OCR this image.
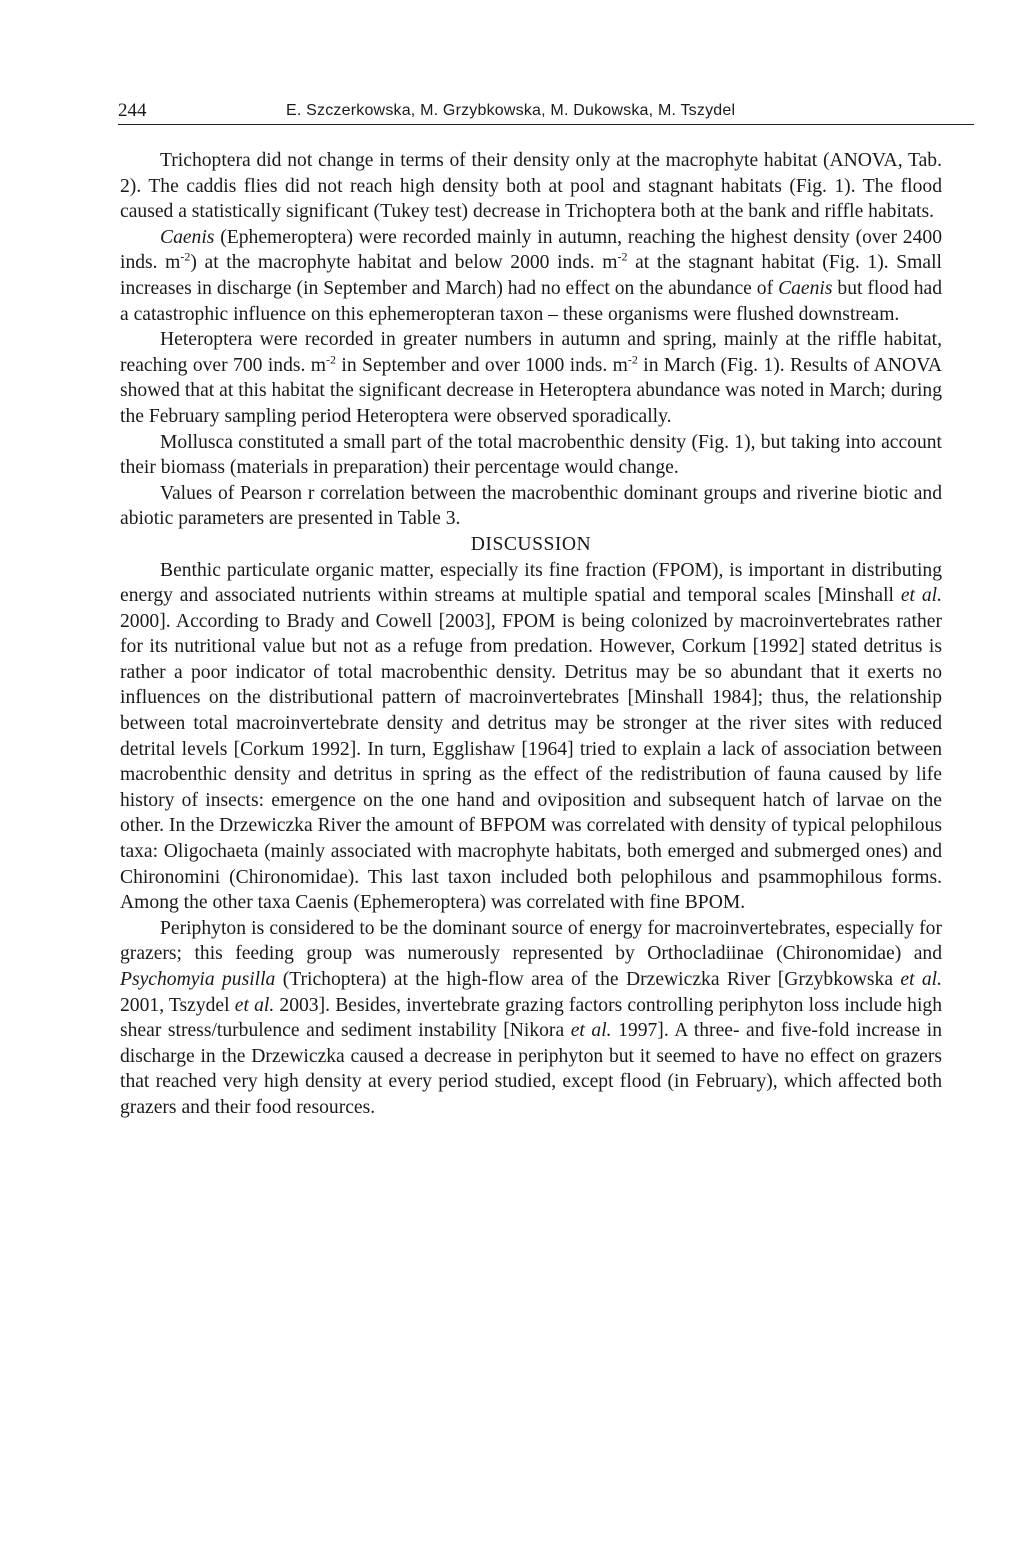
244	E. Szczerkowska, M. Grzybkowska, M. Dukowska, M. Tszydel

Trichoptera did not change in terms of their density only at the macrophyte habitat (ANOVA, Tab. 2). The caddis flies did not reach high density both at pool and stagnant habitats (Fig. 1). The flood caused a statistically significant (Tukey test) decrease in Trichoptera both at the bank and riffle habitats.

Caenis (Ephemeroptera) were recorded mainly in autumn, reaching the highest density (over 2400 inds. $m^{-2}$) at the macrophyte habitat and below 2000 inds. $m^{-2}$ at the stagnant habitat (Fig. 1). Small increases in discharge (in September and March) had no effect on the abundance of Caenis but flood had a catastrophic influence on this ephemeropteran taxon – these organisms were flushed downstream.

Heteroptera were recorded in greater numbers in autumn and spring, mainly at the riffle habitat, reaching over 700 inds. $m^{-2}$ in September and over 1000 inds. $m^{-2}$ in March (Fig. 1). Results of ANOVA showed that at this habitat the significant decrease in Heteroptera abundance was noted in March; during the February sampling period Heteroptera were observed sporadically.

Mollusca constituted a small part of the total macrobenthic density (Fig. 1), but taking into account their biomass (materials in preparation) their percentage would change.

Values of Pearson r correlation between the macrobenthic dominant groups and riverine biotic and abiotic parameters are presented in Table 3.

DISCUSSION

Benthic particulate organic matter, especially its fine fraction (FPOM), is important in distributing energy and associated nutrients within streams at multiple spatial and temporal scales [Minshall et al. 2000]. According to Brady and Cowell [2003], FPOM is being colonized by macroinvertebrates rather for its nutritional value but not as a refuge from predation. However, Corkum [1992] stated detritus is rather a poor indicator of total macrobenthic density. Detritus may be so abundant that it exerts no influences on the distributional pattern of macroinvertebrates [Minshall 1984]; thus, the relationship between total macroinvertebrate density and detritus may be stronger at the river sites with reduced detrital levels [Corkum 1992]. In turn, Egglishaw [1964] tried to explain a lack of association between macrobenthic density and detritus in spring as the effect of the redistribution of fauna caused by life history of insects: emergence on the one hand and oviposition and subsequent hatch of larvae on the other. In the Drzewiczka River the amount of BFPOM was correlated with density of typical pelophilous taxa: Oligochaeta (mainly associated with macrophyte habitats, both emerged and submerged ones) and Chironomini (Chironomidae). This last taxon included both pelophilous and psammophilous forms. Among the other taxa Caenis (Ephemeroptera) was correlated with fine BPOM.

Periphyton is considered to be the dominant source of energy for macroinvertebrates, especially for grazers; this feeding group was numerously represented by Orthocladiinae (Chironomidae) and Psychomyia pusilla (Trichoptera) at the high-flow area of the Drzewiczka River [Grzybkowska et al. 2001, Tszydel et al. 2003]. Besides, invertebrate grazing factors controlling periphyton loss include high shear stress/turbulence and sediment instability [Nikora et al. 1997]. A three- and five-fold increase in discharge in the Drzewiczka caused a decrease in periphyton but it seemed to have no effect on grazers that reached very high density at every period studied, except flood (in February), which affected both grazers and their food resources.
